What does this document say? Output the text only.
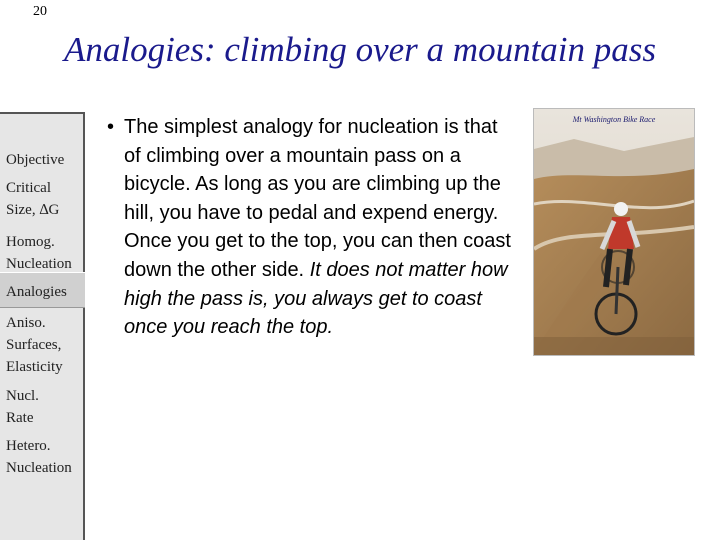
20
Analogies: climbing over a mountain pass
Objective
Critical
Size, ∆G
Homog.
Nucleation
Analogies
Aniso.
Surfaces,
Elasticity
Nucl.
Rate
Hetero.
Nucleation
• The simplest analogy for nucleation is that of climbing over a mountain pass on a bicycle. As long as you are climbing up the hill, you have to pedal and expend energy. Once you get to the top, you can then coast down the other side. It does not matter how high the pass is, you always get to coast once you reach the top.
Mt Washington Bike Race
